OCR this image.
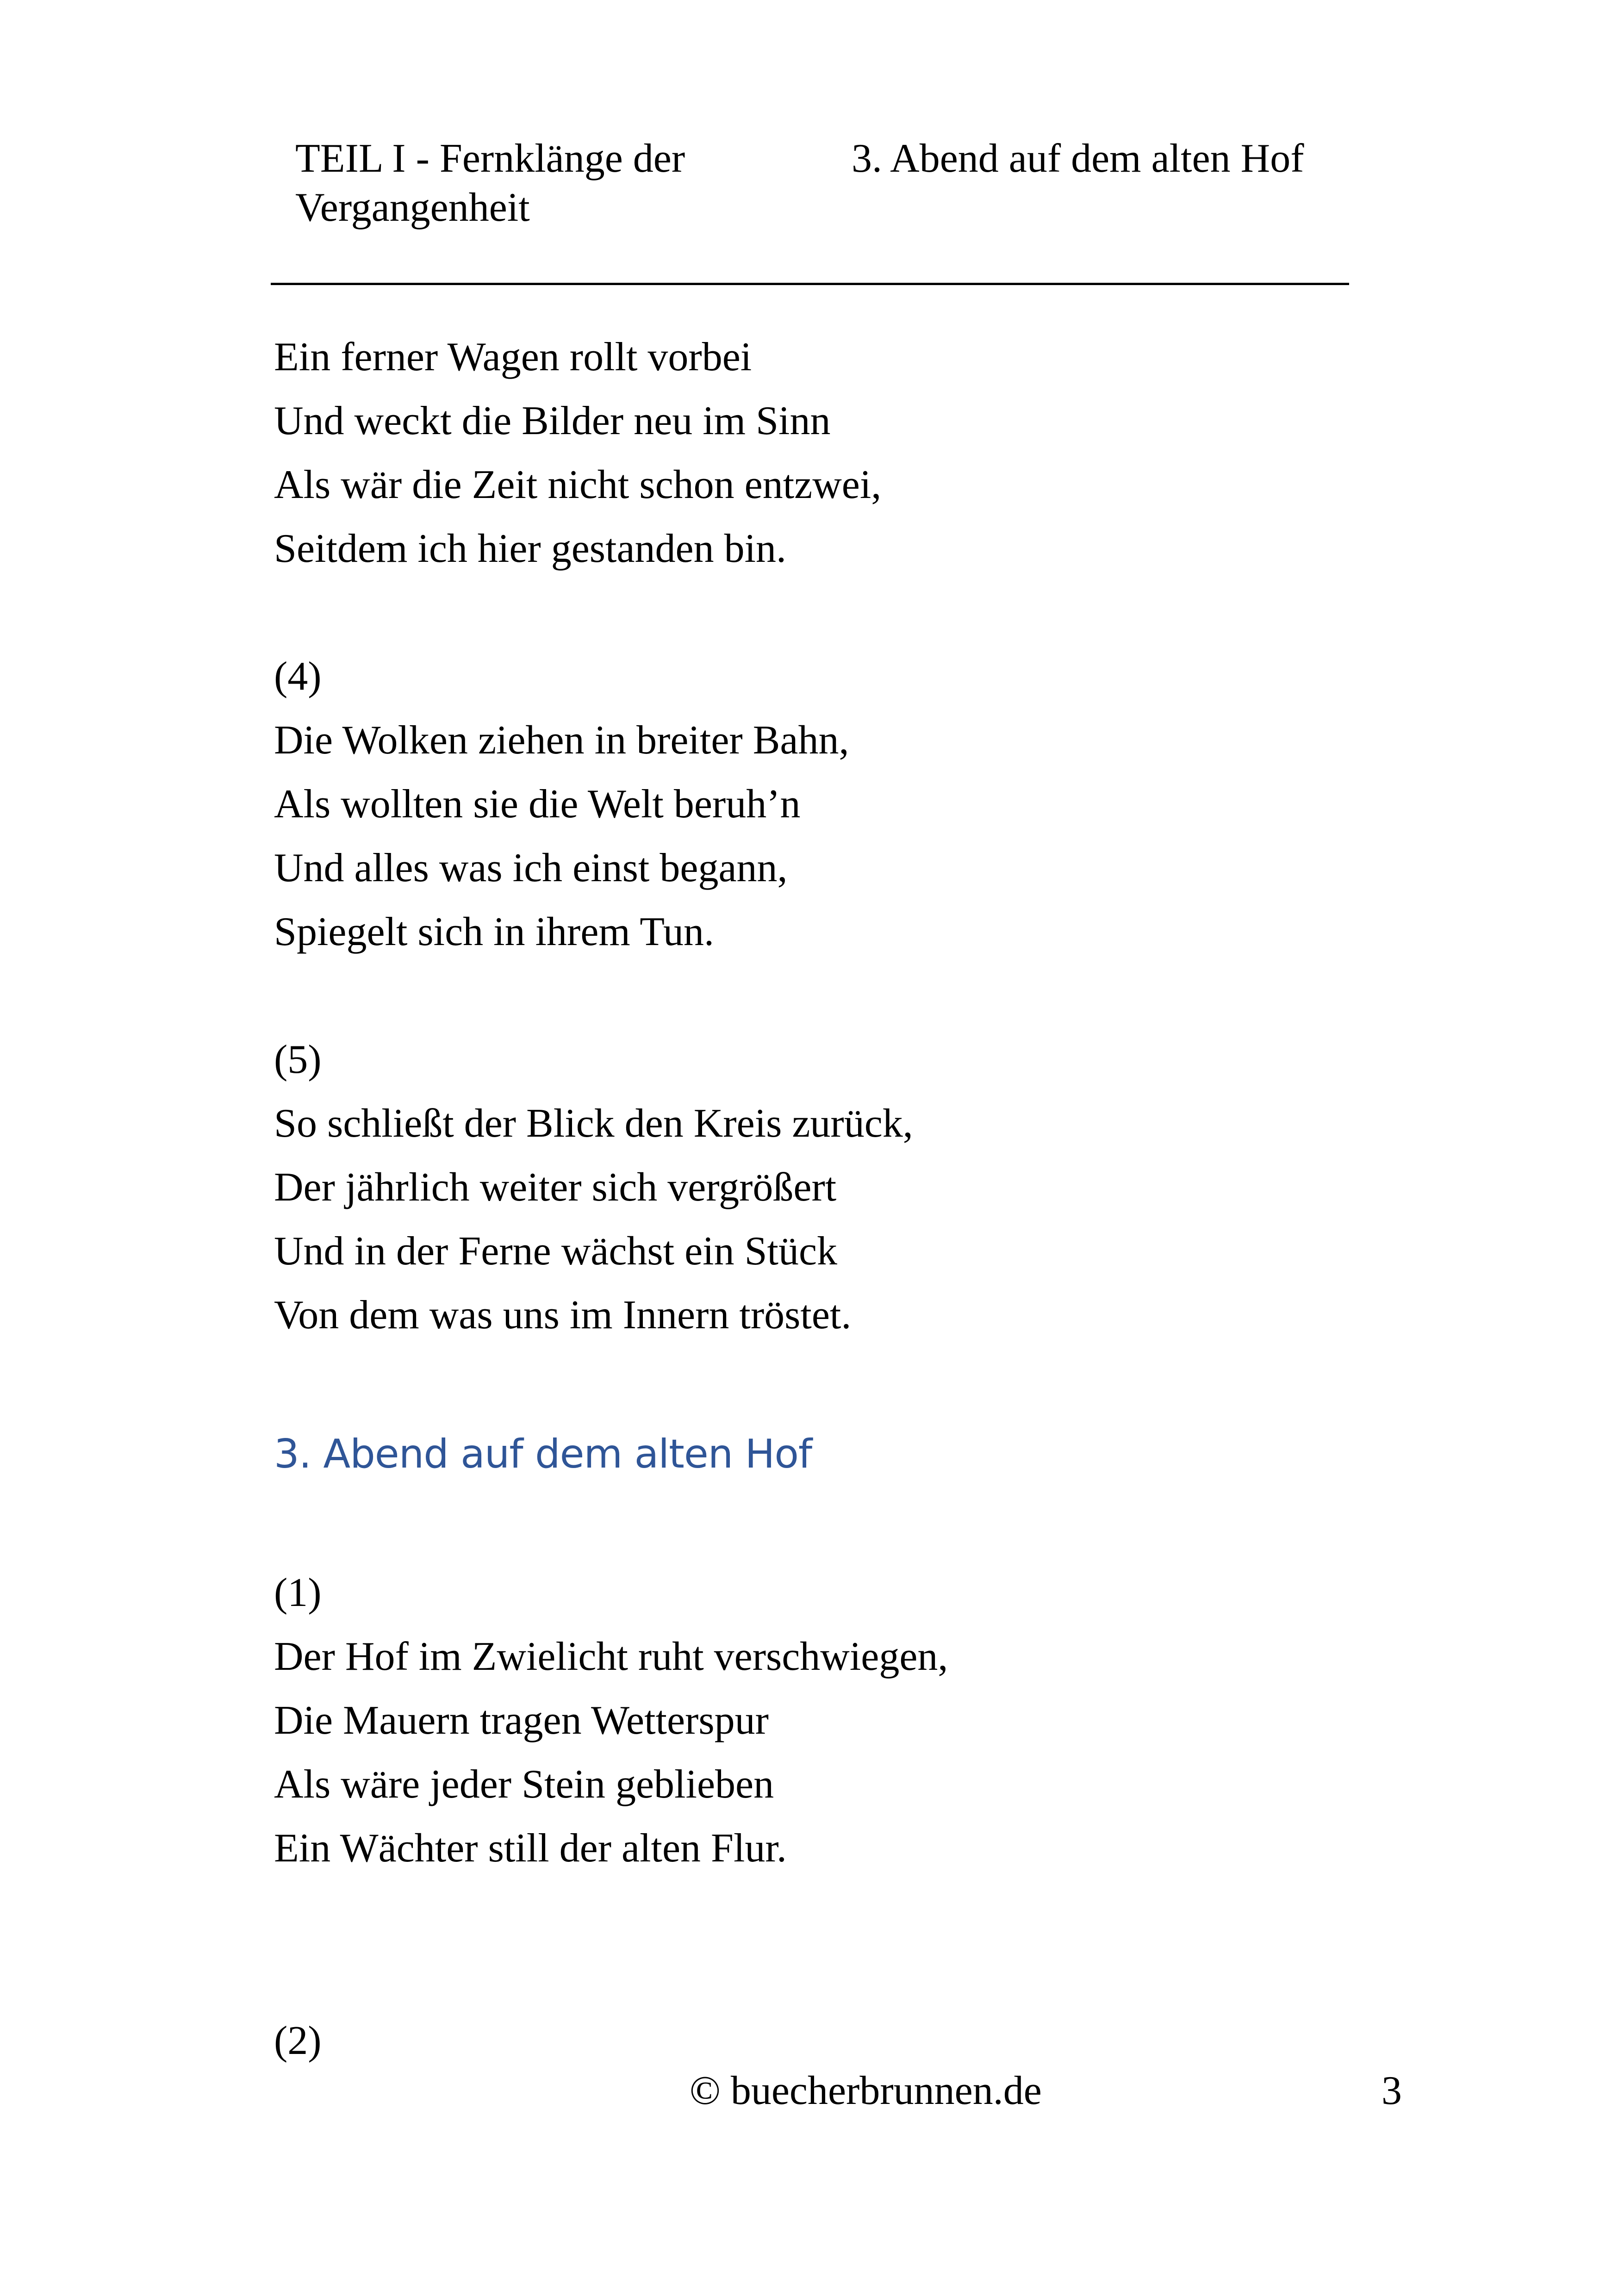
TEIL I - Fernklänge der
Vergangenheit
3. Abend auf dem alten Hof
Ein ferner Wagen rollt vorbei
Und weckt die Bilder neu im Sinn
Als wär die Zeit nicht schon entzwei,
Seitdem ich hier gestanden bin.
(4)
Die Wolken ziehen in breiter Bahn,
Als wollten sie die Welt beruh’n
Und alles was ich einst begann,
Spiegelt sich in ihrem Tun.
(5)
So schließt der Blick den Kreis zurück,
Der jährlich weiter sich vergrößert
Und in der Ferne wächst ein Stück
Von dem was uns im Innern tröstet.
3. Abend auf dem alten Hof
(1)
Der Hof im Zwielicht ruht verschwiegen,
Die Mauern tragen Wetterspur
Als wäre jeder Stein geblieben
Ein Wächter still der alten Flur.
(2)
© buecherbrunnen.de	3
